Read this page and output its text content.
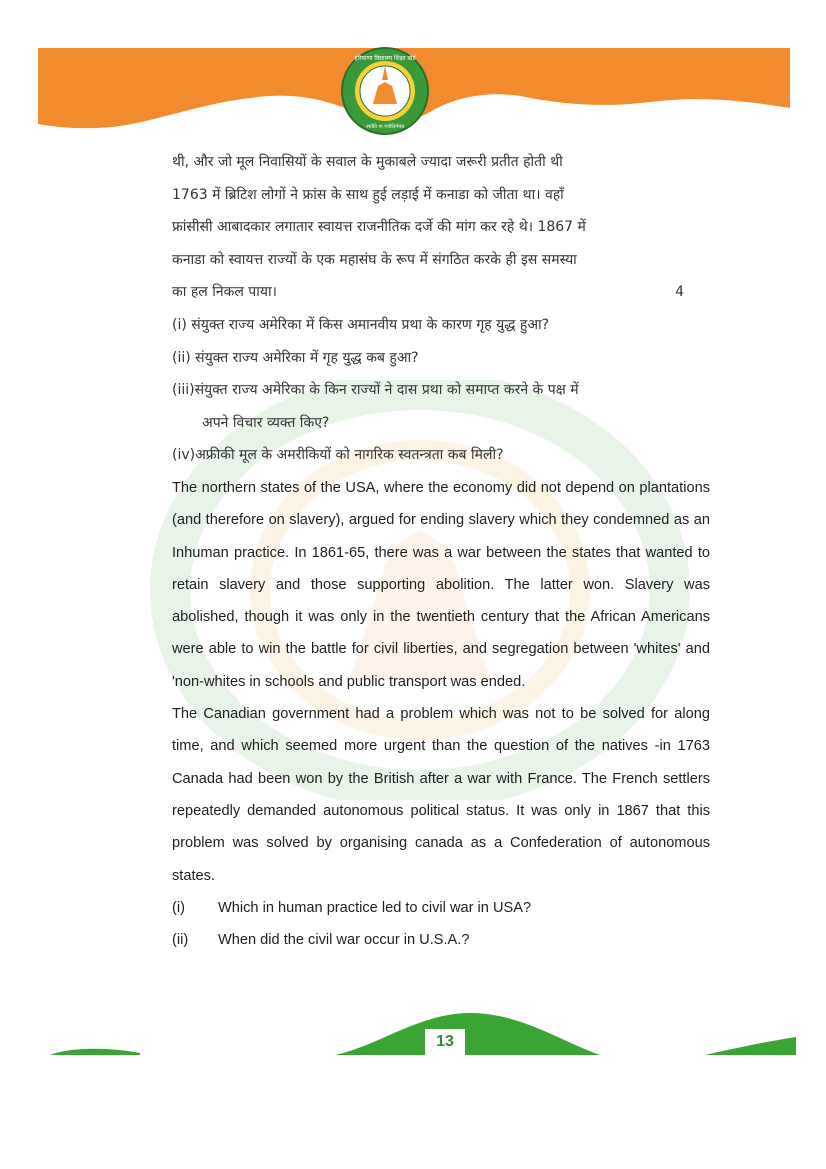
हरियाणा विद्यालय शिक्षा बोर्ड
ज्योति ना ज्योतिर्गमय

थी, और जो मूल निवासियों के सवाल के मुकाबले ज्यादा जरूरी प्रतीत होती थी
1763 में ब्रिटिश लोगों ने फ्रांस के साथ हुई लड़ाई में कनाडा को जीता था। वहाँ
फ्रांसीसी आबादकार लगातार स्वायत्त राजनीतिक दर्जे की मांग कर रहे थे। 1867 में
कनाडा को स्वायत्त राज्यों के एक महासंघ के रूप में संगठित करके ही इस समस्या
का हल निकल पाया।	4

(i) संयुक्त राज्य अमेरिका में किस अमानवीय प्रथा के कारण गृह युद्ध हुआ?

(ii) संयुक्त राज्य अमेरिका में गृह युद्ध कब हुआ?

(iii)संयुक्त राज्य अमेरिका के किन राज्यों ने दास प्रथा को समाप्त करने के पक्ष में
अपने विचार व्यक्त किए?

(iv)अफ्रीकी मूल के अमरीकियों को नागरिक स्वतन्त्रता कब मिली?

The northern states of the USA, where the economy did not depend on plantations (and therefore on slavery), argued for ending slavery which they condemned as an Inhuman practice. In 1861-65, there was a war between the states that wanted to retain slavery and those supporting abolition. The latter won. Slavery was abolished, though it was only in the twentieth century that the African Americans were able to win the battle for civil liberties, and segregation between 'whites' and 'non-whites in schools and public transport was ended.

The Canadian government had a problem which was not to be solved for along time, and which seemed more urgent than the question of the natives -in 1763 Canada had been won by the British after a war with France. The French settlers repeatedly demanded autonomous political status. It was only in 1867 that this problem was solved by organising canada as a Confederation of autonomous states.

(i)	Which in human practice led to civil war in USA?

(ii)	When did the civil war occur in U.S.A.?

13
